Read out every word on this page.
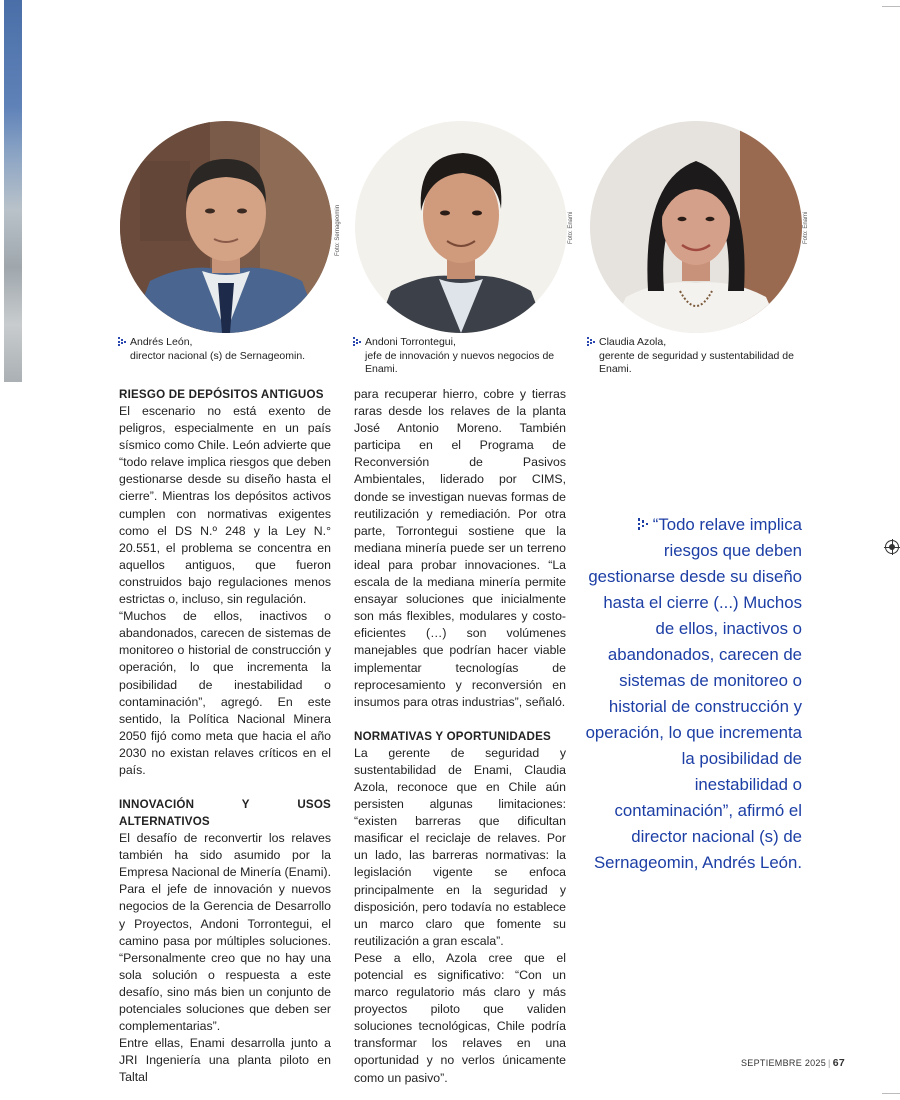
Foto: Sernageomin	Foto: Enami	Foto: Enami
Andrés León,
director nacional (s) de Sernageomin.
Andoni Torrontegui,
jefe de innovación y nuevos negocios de Enami.
Claudia Azola,
gerente de seguridad y sustentabilidad de Enami.
RIESGO DE DEPÓSITOS ANTIGUOS

El escenario no está exento de peligros, especialmente en un país sísmico como Chile. León advierte que “todo relave implica riesgos que deben gestionarse desde su diseño hasta el cierre”. Mientras los depósitos activos cumplen con normativas exigentes como el DS N.º 248 y la Ley N.° 20.551, el problema se concentra en aquellos antiguos, que fueron construidos bajo regulaciones menos estrictas o, incluso, sin regulación.

“Muchos de ellos, inactivos o abandonados, carecen de sistemas de monitoreo o historial de construcción y operación, lo que incrementa la posibilidad de inestabilidad o contaminación”, agregó. En este sentido, la Política Nacional Minera 2050 fijó como meta que hacia el año 2030 no existan relaves críticos en el país.

INNOVACIÓN Y USOS ALTERNATIVOS

El desafío de reconvertir los relaves también ha sido asumido por la Empresa Nacional de Minería (Enami). Para el jefe de innovación y nuevos negocios de la Gerencia de Desarrollo y Proyectos, Andoni Torrontegui, el camino pasa por múltiples soluciones. “Personalmente creo que no hay una sola solución o respuesta a este desafío, sino más bien un conjunto de potenciales soluciones que deben ser complementarias”.

Entre ellas, Enami desarrolla junto a JRI Ingeniería una planta piloto en Taltal

para recuperar hierro, cobre y tierras raras desde los relaves de la planta José Antonio Moreno. También participa en el Programa de Reconversión de Pasivos Ambientales, liderado por CIMS, donde se investigan nuevas formas de reutilización y remediación. Por otra parte, Torrontegui sostiene que la mediana minería puede ser un terreno ideal para probar innovaciones. “La escala de la mediana minería permite ensayar soluciones que inicialmente son más flexibles, modulares y costo-eficientes (…) son volúmenes manejables que podrían hacer viable implementar tecnologías de reprocesamiento y reconversión en insumos para otras industrias”, señaló.

NORMATIVAS Y OPORTUNIDADES

La gerente de seguridad y sustentabilidad de Enami, Claudia Azola, reconoce que en Chile aún persisten algunas limitaciones: “existen barreras que dificultan masificar el reciclaje de relaves. Por un lado, las barreras normativas: la legislación vigente se enfoca principalmente en la seguridad y disposición, pero todavía no establece un marco claro que fomente su reutilización a gran escala”.

Pese a ello, Azola cree que el potencial es significativo: “Con un marco regulatorio más claro y más proyectos piloto que validen soluciones tecnológicas, Chile podría transformar los relaves en una oportunidad y no verlos únicamente como un pasivo”.

“Todo relave implica riesgos que deben gestionarse desde su diseño hasta el cierre (...) Muchos de ellos, inactivos o abandonados, carecen de sistemas de monitoreo o historial de construcción y operación, lo que incrementa la posibilidad de inestabilidad o contaminación”, afirmó el director nacional (s) de Sernageomin, Andrés León.
SEPTIEMBRE 2025 | 67
